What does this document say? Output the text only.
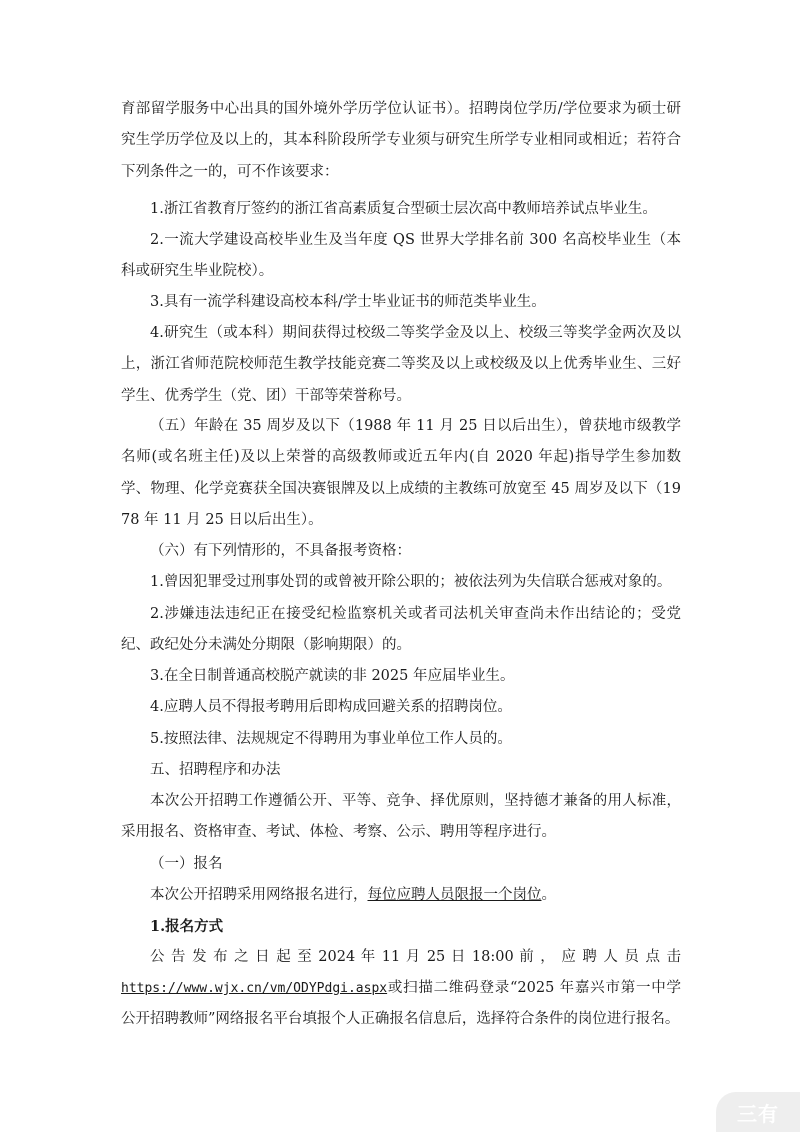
育部留学服务中心出具的国外境外学历学位认证书）。招聘岗位学历/学位要求为硕士研究生学历学位及以上的，其本科阶段所学专业须与研究生所学专业相同或相近；若符合下列条件之一的，可不作该要求：

1.浙江省教育厅签约的浙江省高素质复合型硕士层次高中教师培养试点毕业生。

2.一流大学建设高校毕业生及当年度 QS 世界大学排名前 300 名高校毕业生（本科或研究生毕业院校）。

3.具有一流学科建设高校本科/学士毕业证书的师范类毕业生。

4.研究生（或本科）期间获得过校级二等奖学金及以上、校级三等奖学金两次及以上，浙江省师范院校师范生教学技能竞赛二等奖及以上或校级及以上优秀毕业生、三好学生、优秀学生（党、团）干部等荣誉称号。

（五）年龄在 35 周岁及以下（1988 年 11 月 25 日以后出生），曾获地市级教学名师(或名班主任)及以上荣誉的高级教师或近五年内(自 2020 年起)指导学生参加数学、物理、化学竞赛获全国决赛银牌及以上成绩的主教练可放宽至 45 周岁及以下（1978 年 11 月 25 日以后出生）。

（六）有下列情形的，不具备报考资格：

1.曾因犯罪受过刑事处罚的或曾被开除公职的；被依法列为失信联合惩戒对象的。

2.涉嫌违法违纪正在接受纪检监察机关或者司法机关审查尚未作出结论的；受党纪、政纪处分未满处分期限（影响期限）的。

3.在全日制普通高校脱产就读的非 2025 年应届毕业生。

4.应聘人员不得报考聘用后即构成回避关系的招聘岗位。

5.按照法律、法规规定不得聘用为事业单位工作人员的。

五、招聘程序和办法

本次公开招聘工作遵循公开、平等、竞争、择优原则，坚持德才兼备的用人标准，采用报名、资格审查、考试、体检、考察、公示、聘用等程序进行。

（一）报名

本次公开招聘采用网络报名进行，每位应聘人员限报一个岗位。

1.报名方式

公 告 发 布 之 日 起 至 2024 年 11 月 25 日 18:00 前 ， 应 聘 人 员 点 击

https://www.wjx.cn/vm/ODYPdgi.aspx或扫描二维码登录“2025 年嘉兴市第一中学公开招聘教师”网络报名平台填报个人正确报名信息后，选择符合条件的岗位进行报名。

三有
